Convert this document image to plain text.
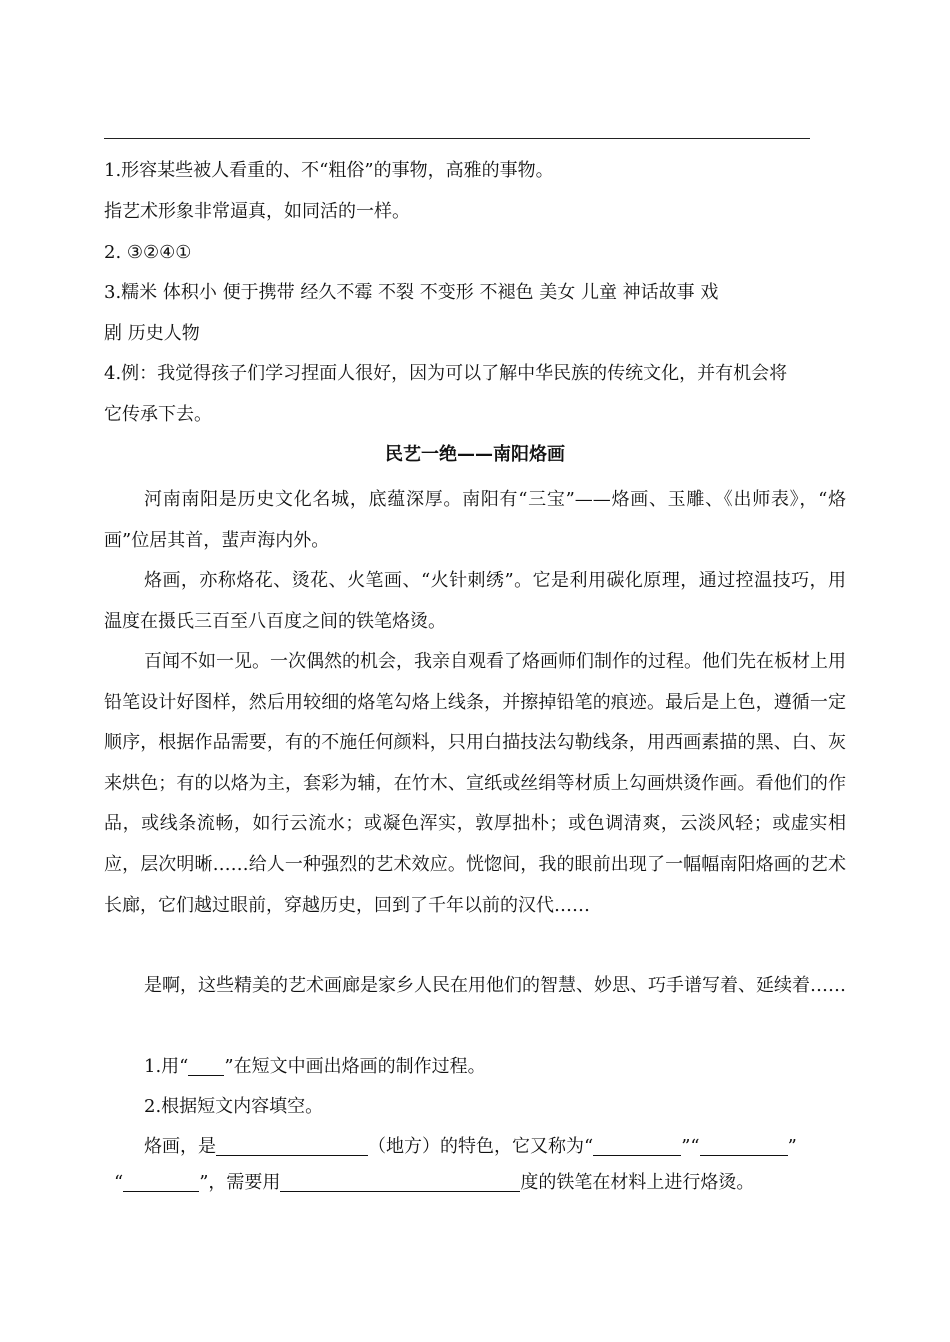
1.形容某些被人看重的、不“粗俗”的事物，高雅的事物。
指艺术形象非常逼真，如同活的一样。
2. ③②④①
3.糯米 体积小 便于携带 经久不霉 不裂 不变形 不褪色 美女 儿童 神话故事 戏
剧 历史人物
4.例：我觉得孩子们学习捏面人很好，因为可以了解中华民族的传统文化，并有机会将
它传承下去。
民艺一绝——南阳烙画
河南南阳是历史文化名城，底蕴深厚。南阳有“三宝”——烙画、玉雕、《出师表》，“烙画”位居其首，蜚声海内外。
烙画，亦称烙花、烫花、火笔画、“火针刺绣”。它是利用碳化原理，通过控温技巧，用温度在摄氏三百至八百度之间的铁笔烙烫。
百闻不如一见。一次偶然的机会，我亲自观看了烙画师们制作的过程。他们先在板材上用铅笔设计好图样，然后用较细的烙笔勾烙上线条，并擦掉铅笔的痕迹。最后是上色，遵循一定顺序，根据作品需要，有的不施任何颜料，只用白描技法勾勒线条，用西画素描的黑、白、灰来烘色；有的以烙为主，套彩为辅，在竹木、宣纸或丝绢等材质上勾画烘烫作画。看他们的作品，或线条流畅，如行云流水；或凝色浑实，敦厚拙朴；或色调清爽，云淡风轻；或虚实相应，层次明晰……给人一种强烈的艺术效应。恍惚间，我的眼前出现了一幅幅南阳烙画的艺术长廊，它们越过眼前，穿越历史，回到了千年以前的汉代……
是啊，这些精美的艺术画廊是家乡人民在用他们的智慧、妙思、巧手谱写着、延续着……
1.用“ ”在短文中画出烙画的制作过程。
2.根据短文内容填空。
烙画，是	（地方）的特色，它又称为“	”“	”
“	”，需要用	度的铁笔在材料上进行烙烫。
